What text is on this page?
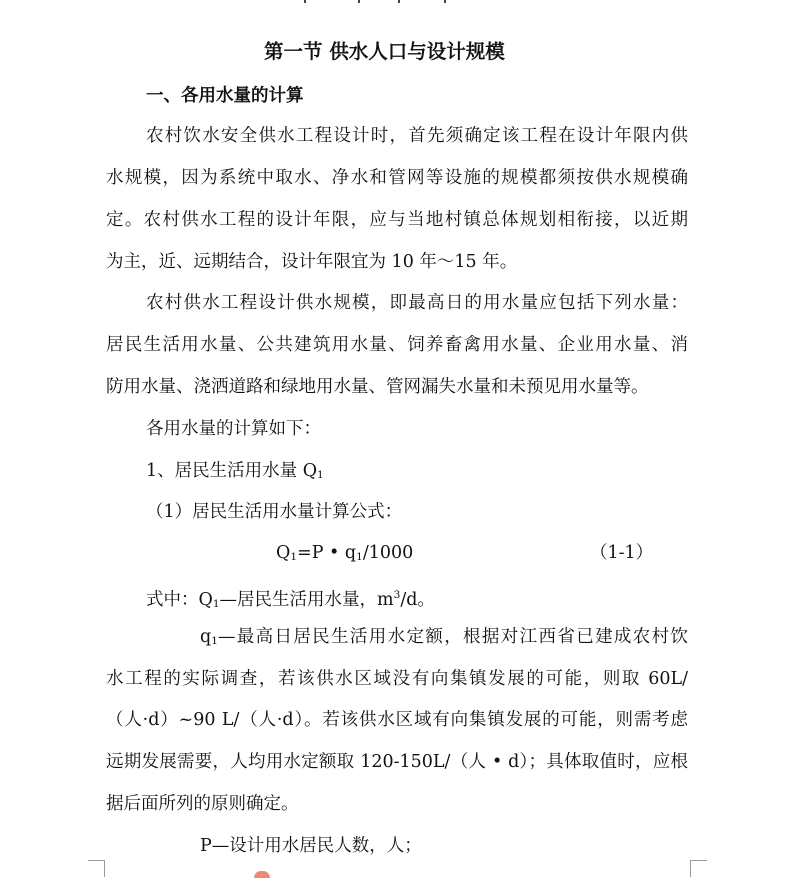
第一节 供水人口与设计规模
一、各用水量的计算
农村饮水安全供水工程设计时，首先须确定该工程在设计年限内供
水规模，因为系统中取水、净水和管网等设施的规模都须按供水规模确
定。农村供水工程的设计年限，应与当地村镇总体规划相衔接，以近期
为主，近、远期结合，设计年限宜为 10 年～15 年。
农村供水工程设计供水规模，即最高日的用水量应包括下列水量：
居民生活用水量、公共建筑用水量、饲养畜禽用水量、企业用水量、消
防用水量、浇洒道路和绿地用水量、管网漏失水量和未预见用水量等。
各用水量的计算如下：
1、居民生活用水量 $Q_1$
（1）居民生活用水量计算公式：
$Q_1=P$ • $q_1/1000$	（1-1）
式中：$Q_1—$居民生活用水量，$m^3/d$。
$q_1—$最高日居民生活用水定额，根据对江西省已建成农村饮
水工程的实际调查，若该供水区域没有向集镇发展的可能，则取 60L/
（人·d）~90 L/（人·d）。若该供水区域有向集镇发展的可能，则需考虑
远期发展需要，人均用水定额取 120-150L/（人 • d）；具体取值时，应根
据后面所列的原则确定。
P—设计用水居民人数，人；
